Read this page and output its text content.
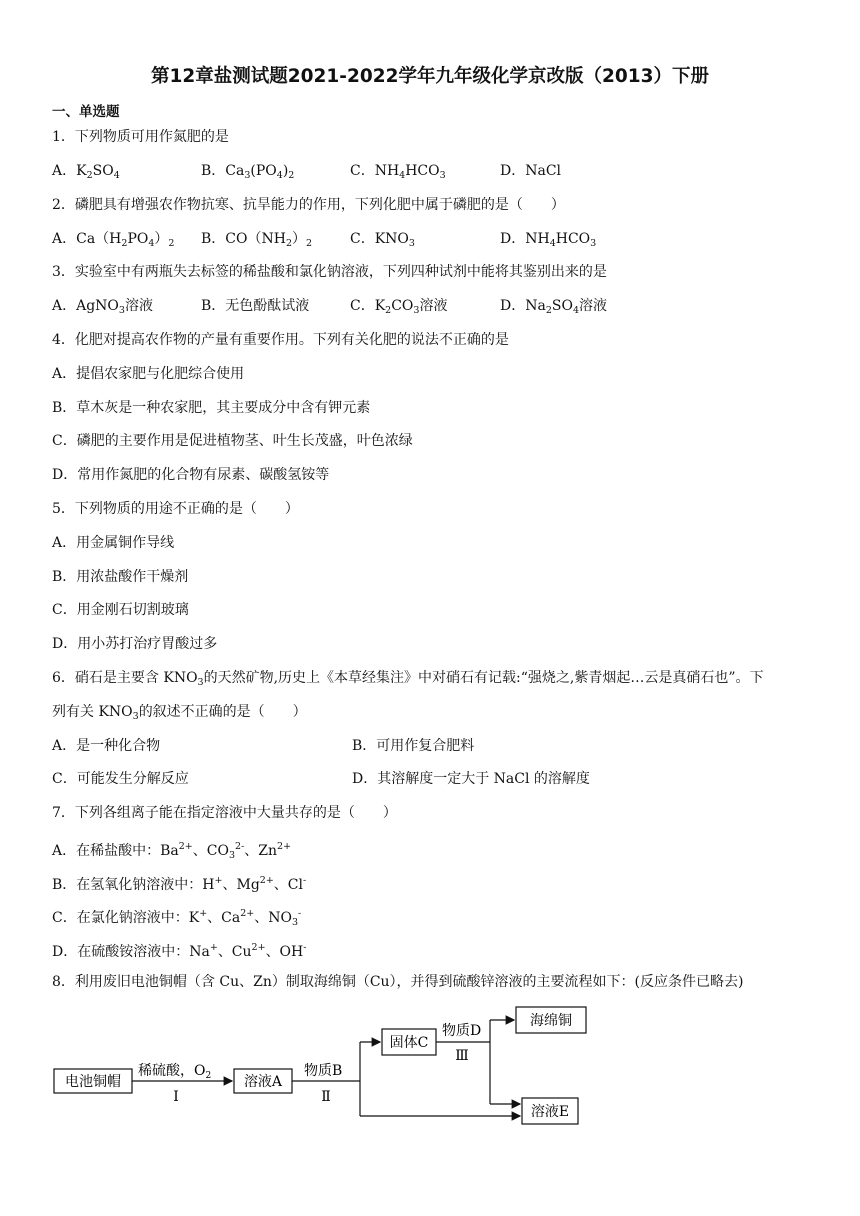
第12章盐测试题2021-2022学年九年级化学京改版（2013）下册
一、单选题
1．下列物质可用作氮肥的是
A．$K_2SO_4$	B．$Ca_3(PO_4)_2$	C．$NH_4HCO_3$	D．NaCl
2．磷肥具有增强农作物抗寒、抗旱能力的作用，下列化肥中属于磷肥的是（　　）
A．$Ca(H_2PO_4)_2$ B．$CO(NH_2)_2$	C．$KNO_3$	D．$NH_4HCO_3$
3．实验室中有两瓶失去标签的稀盐酸和氯化钠溶液，下列四种试剂中能将其鉴别出来的是
A．AgNO$_3$溶液	B．无色酚酞试液	C．$K_2CO_3$溶液	D．$Na_2SO_4$溶液
4．化肥对提高农作物的产量有重要作用。下列有关化肥的说法不正确的是
A．提倡农家肥与化肥综合使用
B．草木灰是一种农家肥，其主要成分中含有钾元素
C．磷肥的主要作用是促进植物茎、叶生长茂盛，叶色浓绿
D．常用作氮肥的化合物有尿素、碳酸氢铵等
5．下列物质的用途不正确的是（　　）
A．用金属铜作导线
B．用浓盐酸作干燥剂
C．用金刚石切割玻璃
D．用小苏打治疗胃酸过多
6．硝石是主要含 $KNO_3$的天然矿物,历史上《本草经集注》中对硝石有记载:“强烧之,紫青烟起…云是真硝石也”。下
列有关 $KNO_3$的叙述不正确的是（　　）
A．是一种化合物	B．可用作复合肥料
C．可能发生分解反应	D．其溶解度一定大于 NaCl 的溶解度
7．下列各组离子能在指定溶液中大量共存的是（　　）
A．在稀盐酸中：$Ba^{2+}$、$CO_3^{2-}$、$Zn^{2+}$
B．在氢氧化钠溶液中：H+、$Mg^{2+}$、Cl-
C．在氯化钠溶液中：K+、$Ca^{2+}$、$NO_3^-$
D．在硫酸铵溶液中：Na+、$Cu^{2+}$、OH-
8．利用废旧电池铜帽（含 Cu、Zn）制取海绵铜（Cu），并得到硫酸锌溶液的主要流程如下：(反应条件已略去)
电池铜帽
稀硫酸，$O_2$
Ⅰ
溶液A
物质B
Ⅱ
固体C
物质D
Ⅲ
海绵铜
溶液E
